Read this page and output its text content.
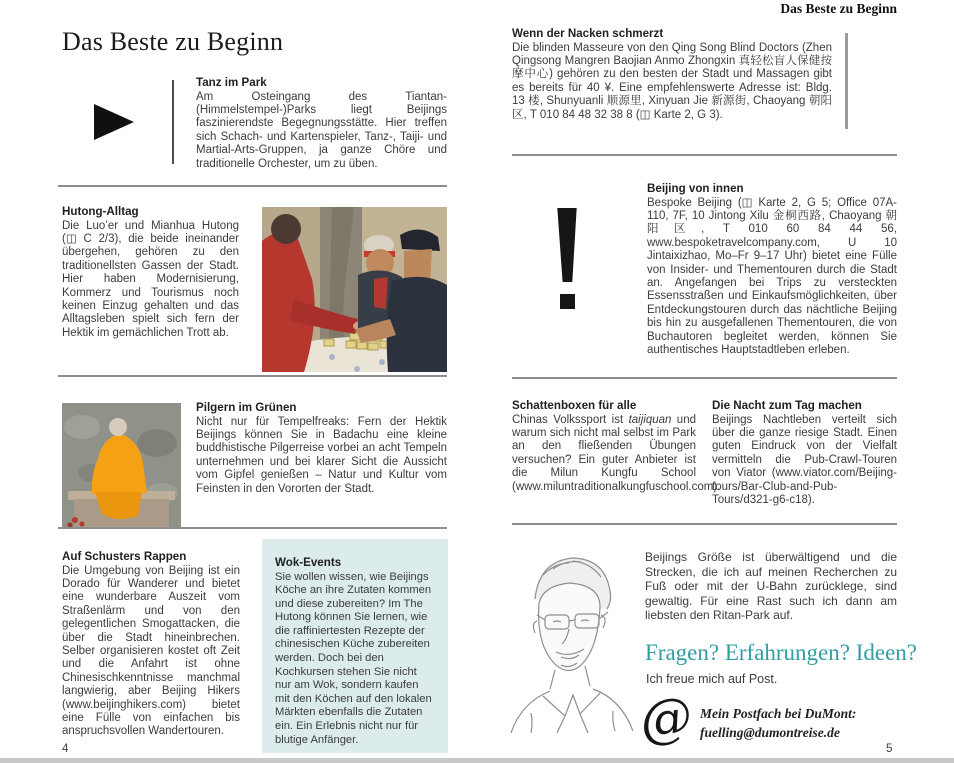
Das Beste zu Beginn
Tanz im Park

Am Osteingang des Tiantan-(Himmelstempel-)Parks liegt Beijings faszinierendste Begegnungsstätte. Hier treffen sich Schach- und Kartenspieler, Tanz-, Taiji- und Martial-Arts-Gruppen, ja ganze Chöre und traditionelle Orchester, um zu üben.

Hutong-Alltag

Die Luo’er und Mianhua Hutong (◫ C 2/3), die beide ineinander übergehen, gehören zu den traditionellsten Gassen der Stadt. Hier haben Modernisierung, Kommerz und Tourismus noch keinen Einzug gehalten und das Alltagsleben spielt sich fern der Hektik im gemächlichen Trott ab.

Pilgern im Grünen

Nicht nur für Tempelfreaks: Fern der Hektik Beijings können Sie in Badachu eine kleine buddhistische Pilgerreise vorbei an acht Tempeln unternehmen und bei klarer Sicht die Aussicht vom Gipfel genießen – Natur und Kultur vom Feinsten in den Vororten der Stadt.

Auf Schusters Rappen

Die Umgebung von Beijing ist ein Dorado für Wanderer und bietet eine wunderbare Auszeit vom Straßenlärm und von den gelegentlichen Smogattacken, die über die Stadt hineinbrechen. Selber organisieren kostet oft Zeit und die Anfahrt ist ohne Chinesischkenntnisse manchmal langwierig, aber Beijing Hikers (www.beijinghikers.com) bietet eine Fülle von einfachen bis anspruchsvollen Wandertouren.

Wok-Events

Sie wollen wissen, wie Beijings Köche an ihre Zutaten kommen und diese zubereiten? Im The Hutong können Sie lernen, wie die raffiniertesten Rezepte der chinesischen Küche zubereiten werden. Doch bei den Kochkursen stehen Sie nicht nur am Wok, sondern kaufen mit den Köchen auf den lokalen Märkten ebenfalls die Zutaten ein. Ein Erlebnis nicht nur für blutige Anfänger.

4
Das Beste zu Beginn
Wenn der Nacken schmerzt

Die blinden Masseure von den Qing Song Blind Doctors (Zhen Qingsong Mangren Baojian Anmo Zhongxin 真轻松盲人保健按摩中心) gehören zu den besten der Stadt und Massagen gibt es bereits für 40 ¥. Eine empfehlenswerte Adresse ist: Bldg. 13 楼, Shunyuanli 顺源里, Xinyuan Jie 新源街, Chaoyang 朝阳区, T 010 84 48 32 38 8 (◫ Karte 2, G 3).

Beijing von innen

Bespoke Beijing (◫ Karte 2, G 5; Office 07A-110, 7F, 10 Jintong Xilu 金桐西路, Chaoyang 朝阳区, T 010 60 84 44 56, www.bespoketravelcompany.com, U 10 Jintaixizhao, Mo–Fr 9–17 Uhr) bietet eine Fülle von Insider- und Thementouren durch die Stadt an. Angefangen bei Trips zu versteckten Essensstraßen und Einkaufsmöglichkeiten, über Entdeckungstouren durch das nächtliche Beijing bis hin zu ausgefallenen Thementouren, die von Buchautoren begleitet werden, können Sie authentisches Hauptstadtleben erleben.

Schattenboxen für alle

Chinas Volkssport ist taijiquan und warum sich nicht mal selbst im Park an den fließenden Übungen versuchen? Ein guter Anbieter ist die Milun Kungfu School (www.miluntraditionalkungfuschool.com).

Die Nacht zum Tag machen

Beijings Nachtleben verteilt sich über die ganze riesige Stadt. Einen guten Eindruck von der Vielfalt vermitteln die Pub-Crawl-Touren von Viator (www.viator.com/Beijing-tours/Bar-Club-and-Pub-Tours/d321-g6-c18).

Beijings Größe ist überwältigend und die Strecken, die ich auf meinen Recherchen zu Fuß oder mit der U-Bahn zurücklege, sind gewaltig. Für eine Rast such ich dann am liebsten den Ritan-Park auf.

Fragen? Erfahrungen? Ideen?
Ich freue mich auf Post.
@ Mein Postfach bei DuMont:
fuelling@dumontreise.de
5
